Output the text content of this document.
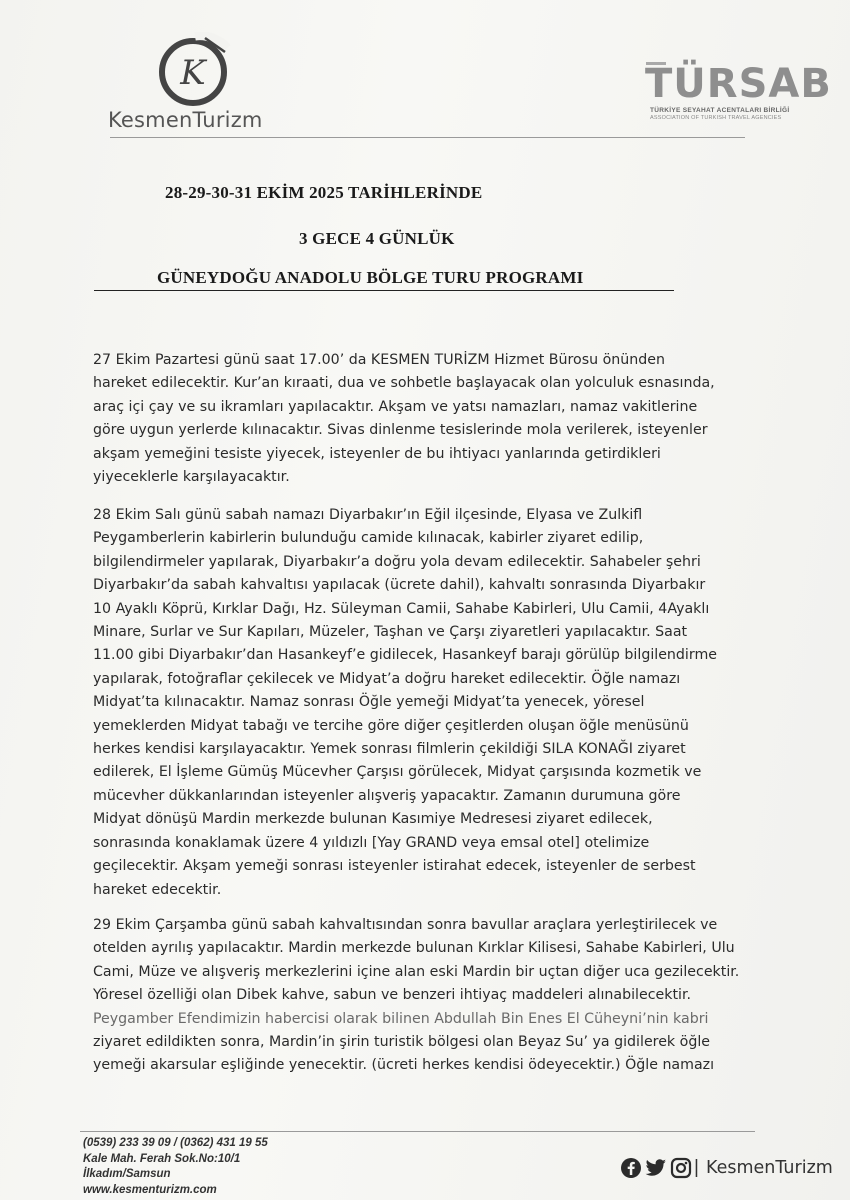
K
KesmenTurizm
TÜRSAB
TÜRKİYE SEYAHAT ACENTALARI BİRLİĞİ
ASSOCIATION OF TURKISH TRAVEL AGENCIES
28-29-30-31 EKİM 2025 TARİHLERİNDE
3 GECE 4 GÜNLÜK
GÜNEYDOĞU ANADOLU BÖLGE TURU PROGRAMI
27 Ekim Pazartesi günü saat 17.00’ da KESMEN TURİZM Hizmet Bürosu önünden
hareket edilecektir. Kur’an kıraati, dua ve sohbetle başlayacak olan yolculuk esnasında,
araç içi çay ve su ikramları yapılacaktır. Akşam ve yatsı namazları, namaz vakitlerine
göre uygun yerlerde kılınacaktır. Sivas dinlenme tesislerinde mola verilerek, isteyenler
akşam yemeğini tesiste yiyecek, isteyenler de bu ihtiyacı yanlarında getirdikleri
yiyeceklerle karşılayacaktır.
28 Ekim Salı günü sabah namazı Diyarbakır’ın Eğil ilçesinde, Elyasa ve Zulkifl
Peygamberlerin kabirlerin bulunduğu camide kılınacak, kabirler ziyaret edilip,
bilgilendirmeler yapılarak, Diyarbakır’a doğru yola devam edilecektir. Sahabeler şehri
Diyarbakır’da sabah kahvaltısı yapılacak (ücrete dahil), kahvaltı sonrasında Diyarbakır
10 Ayaklı Köprü, Kırklar Dağı, Hz. Süleyman Camii, Sahabe Kabirleri, Ulu Camii, 4Ayaklı
Minare, Surlar ve Sur Kapıları, Müzeler, Taşhan ve Çarşı ziyaretleri yapılacaktır. Saat
11.00 gibi Diyarbakır’dan Hasankeyf’e gidilecek, Hasankeyf barajı görülüp bilgilendirme
yapılarak, fotoğraflar çekilecek ve Midyat’a doğru hareket edilecektir. Öğle namazı
Midyat’ta kılınacaktır. Namaz sonrası Öğle yemeği Midyat’ta yenecek, yöresel
yemeklerden Midyat tabağı ve tercihe göre diğer çeşitlerden oluşan öğle menüsünü
herkes kendisi karşılayacaktır. Yemek sonrası filmlerin çekildiği SILA KONAĞI ziyaret
edilerek, El İşleme Gümüş Mücevher Çarşısı görülecek, Midyat çarşısında kozmetik ve
mücevher dükkanlarından isteyenler alışveriş yapacaktır. Zamanın durumuna göre
Midyat dönüşü Mardin merkezde bulunan Kasımiye Medresesi ziyaret edilecek,
sonrasında konaklamak üzere 4 yıldızlı [Yay GRAND veya emsal otel] otelimize
geçilecektir. Akşam yemeği sonrası isteyenler istirahat edecek, isteyenler de serbest
hareket edecektir.
29 Ekim Çarşamba günü sabah kahvaltısından sonra bavullar araçlara yerleştirilecek ve
otelden ayrılış yapılacaktır. Mardin merkezde bulunan Kırklar Kilisesi, Sahabe Kabirleri, Ulu
Cami, Müze ve alışveriş merkezlerini içine alan eski Mardin bir uçtan diğer uca gezilecektir.
Yöresel özelliği olan Dibek kahve, sabun ve benzeri ihtiyaç maddeleri alınabilecektir.
Peygamber Efendimizin habercisi olarak bilinen Abdullah Bin Enes El Cüheyni’nin kabri
ziyaret edildikten sonra, Mardin’in şirin turistik bölgesi olan Beyaz Su’ ya gidilerek öğle
yemeği akarsular eşliğinde yenecektir. (ücreti herkes kendisi ödeyecektir.) Öğle namazı
(0539) 233 39 09 / (0362) 431 19 55
Kale Mah. Ferah Sok.No:10/1
İlkadım/Samsun
www.kesmenturizm.com
| KesmenTurizm
